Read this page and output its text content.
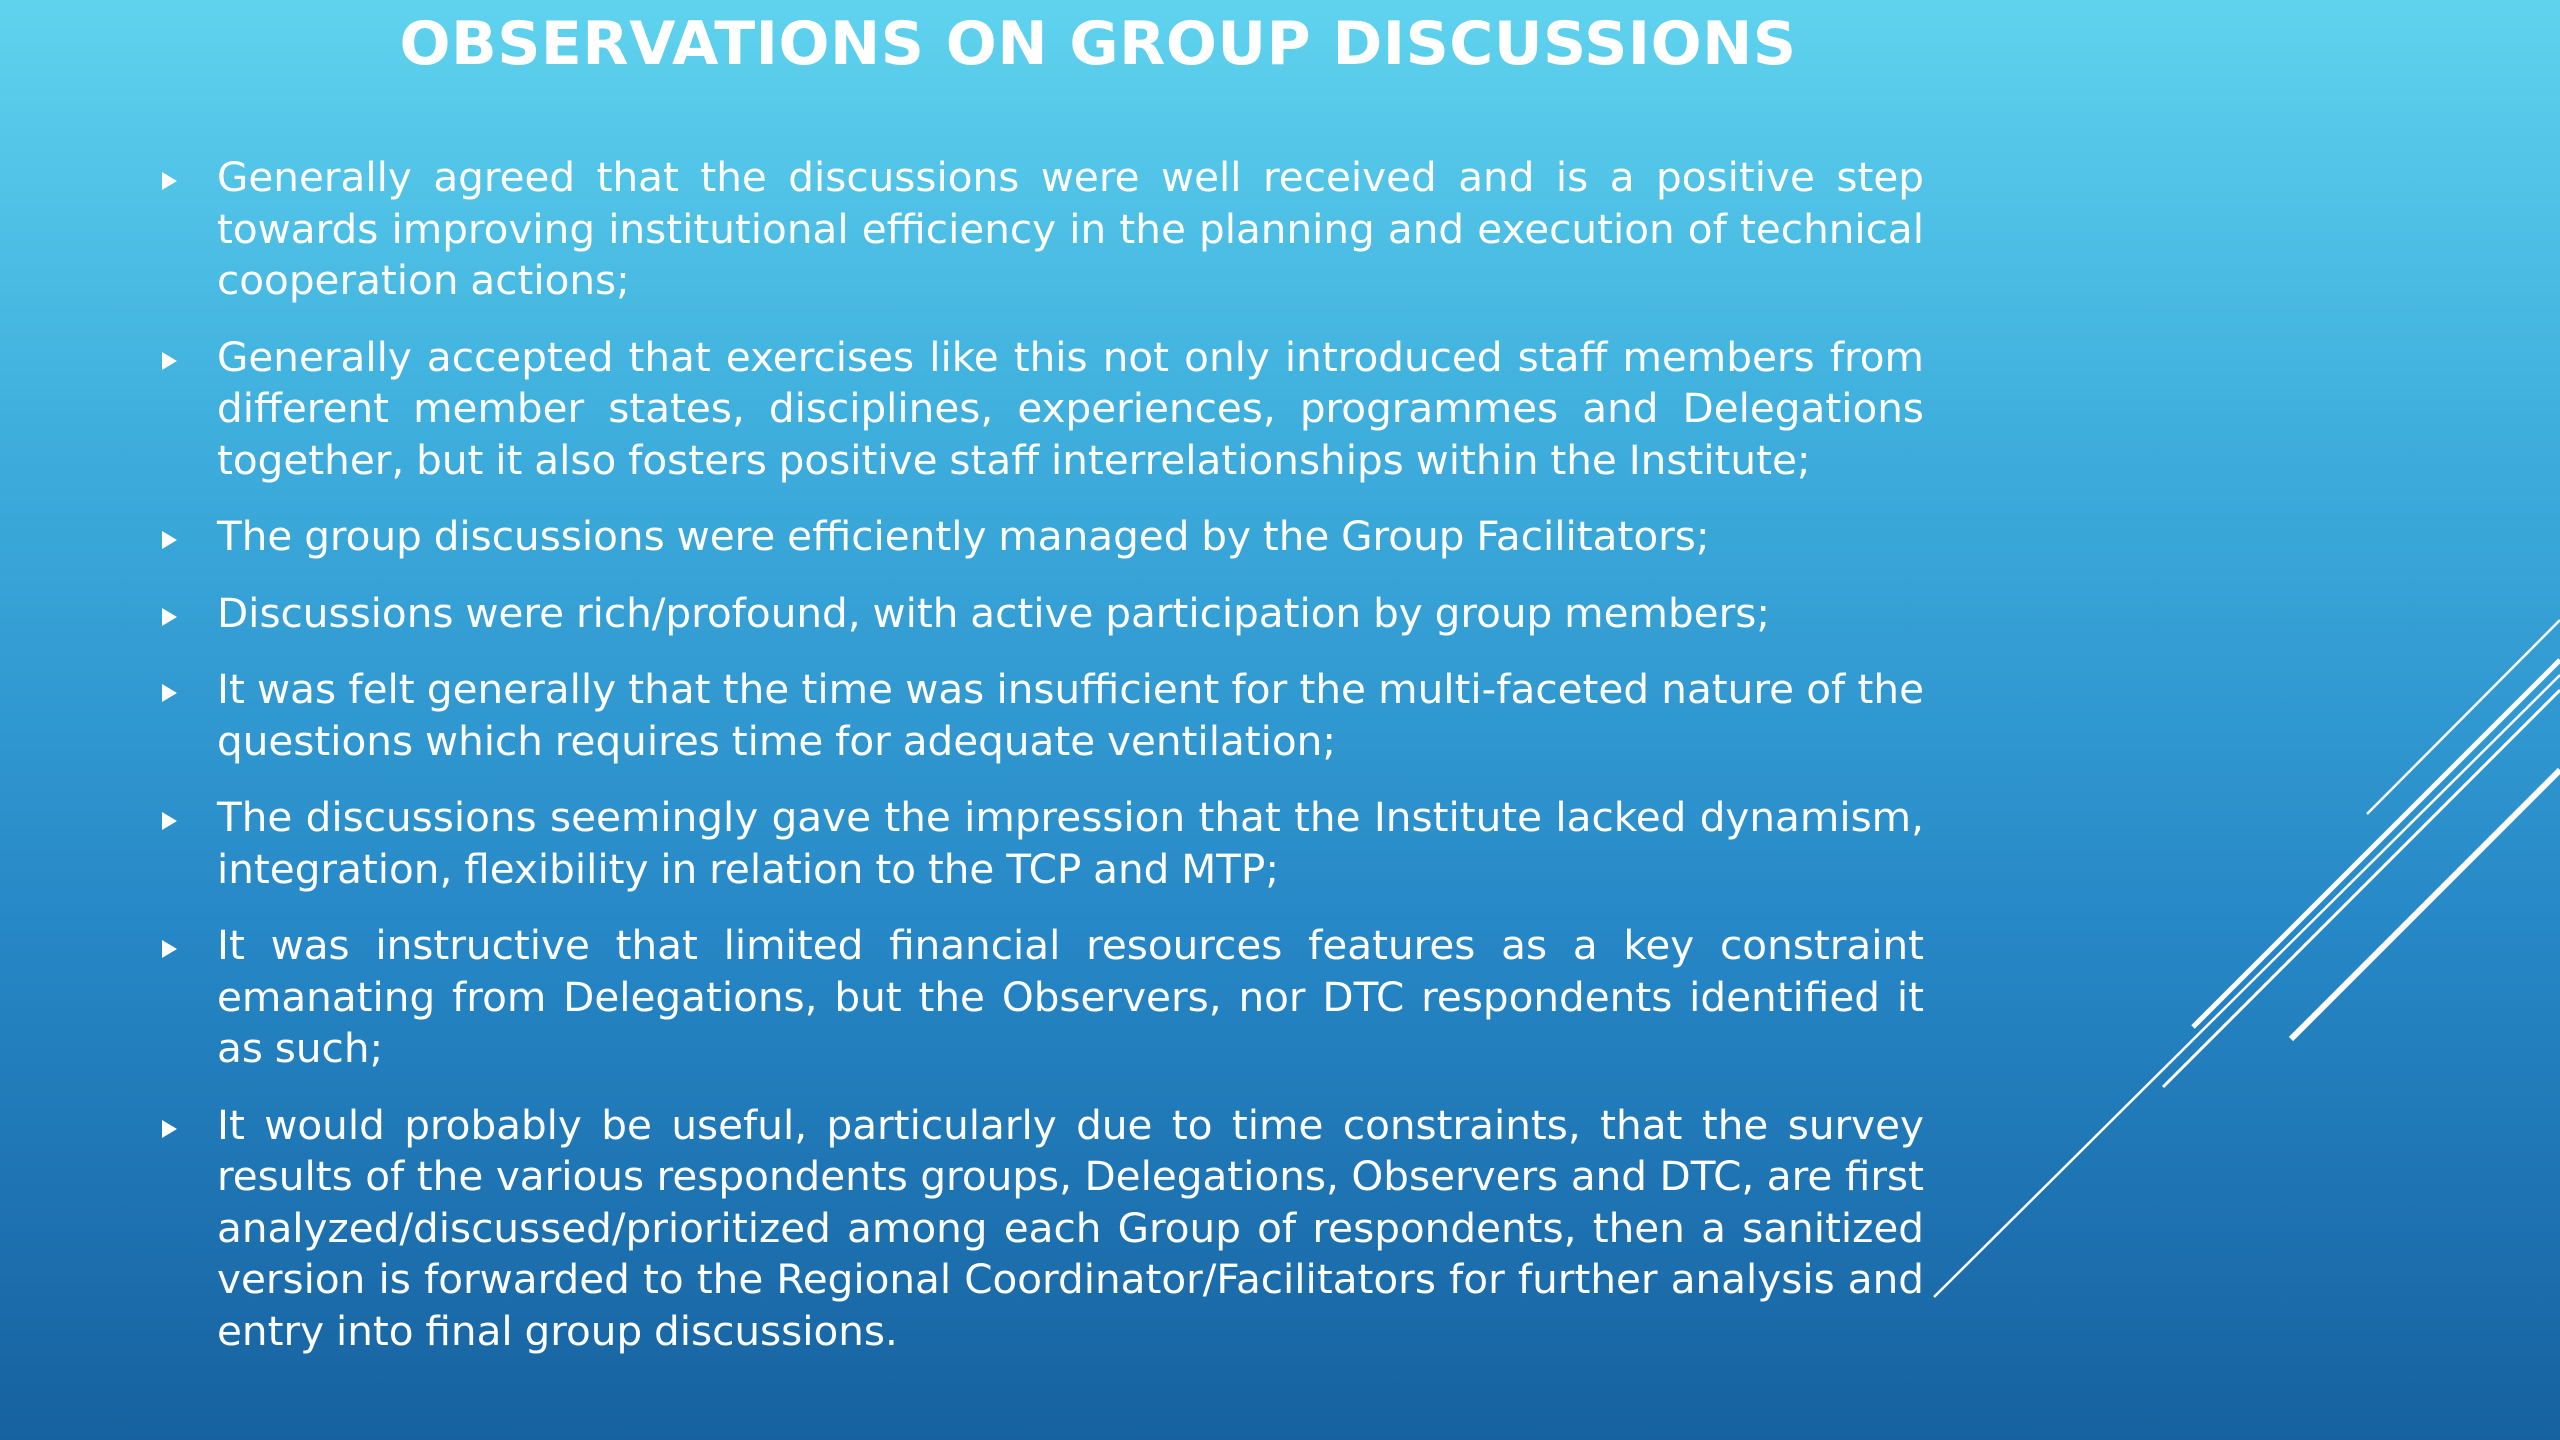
OBSERVATIONS ON GROUP DISCUSSIONS
Generally agreed that the discussions were well received and is a positive step towards improving institutional efficiency in the planning and execution of technical cooperation actions;
Generally accepted that exercises like this not only introduced staff members from different member states, disciplines, experiences, programmes and Delegations together, but it also fosters positive staff interrelationships within the Institute;
The group discussions were efficiently managed by the Group Facilitators;
Discussions were rich/profound, with active participation by group members;
It was felt generally that the time was insufficient for the multi-faceted nature of the questions which requires time for adequate ventilation;
The discussions seemingly gave the impression that the Institute lacked dynamism, integration, flexibility in relation to the TCP and MTP;
It was instructive that limited financial resources features as a key constraint emanating from Delegations, but the Observers, nor DTC respondents identified it as such;
It would probably be useful, particularly due to time constraints, that the survey results of the various respondents groups, Delegations, Observers and DTC, are first analyzed/discussed/prioritized among each Group of respondents, then a sanitized version is forwarded to the Regional Coordinator/Facilitators for further analysis and entry into final group discussions.
